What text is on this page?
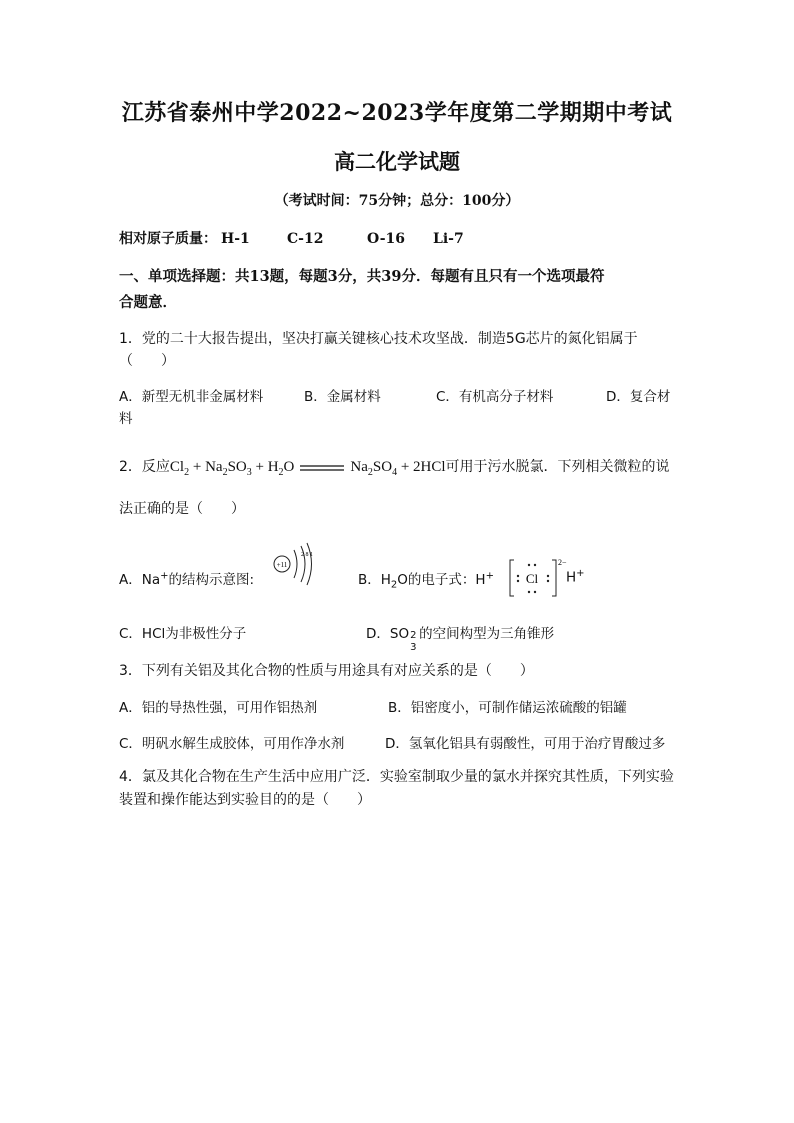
江苏省泰州中学2022~2023学年度第二学期期中考试
高二化学试题
（考试时间：75分钟；总分：100分）
相对原子质量： H-1	C-12	O-16 Li-7
一、单项选择题：共13题，每题3分，共39分．每题有且只有一个选项最符
合题意．
1．党的二十大报告提出，坚决打赢关键核心技术攻坚战．制造5G芯片的氮化铝属于
（　　）
A．新型无机非金属材料	B．金属材料	C．有机高分子材料	D．复合材
料
2．反应$Cl_2 + Na_2SO_3 + H_2O$	$Na_2SO_4 + 2HCl$可用于污水脱氯．下列相关微粒的说
法正确的是（　　）
A．Na+的结构示意图:
+11
2 8 1
B．$H_2O$的电子式：H+ Cl
2−
H+
C．HCl为非极性分子	D．SO 2
3
的空间构型为三角锥形
3．下列有关铝及其化合物的性质与用途具有对应关系的是（　　）
A．铝的导热性强，可用作铝热剂	B．铝密度小，可制作储运浓硫酸的铝罐
C．明矾水解生成胶体，可用作净水剂	D．氢氧化铝具有弱酸性，可用于治疗胃酸过多
4．氯及其化合物在生产生活中应用广泛．实验室制取少量的氯水并探究其性质，下列实验
装置和操作能达到实验目的的是（　　）
